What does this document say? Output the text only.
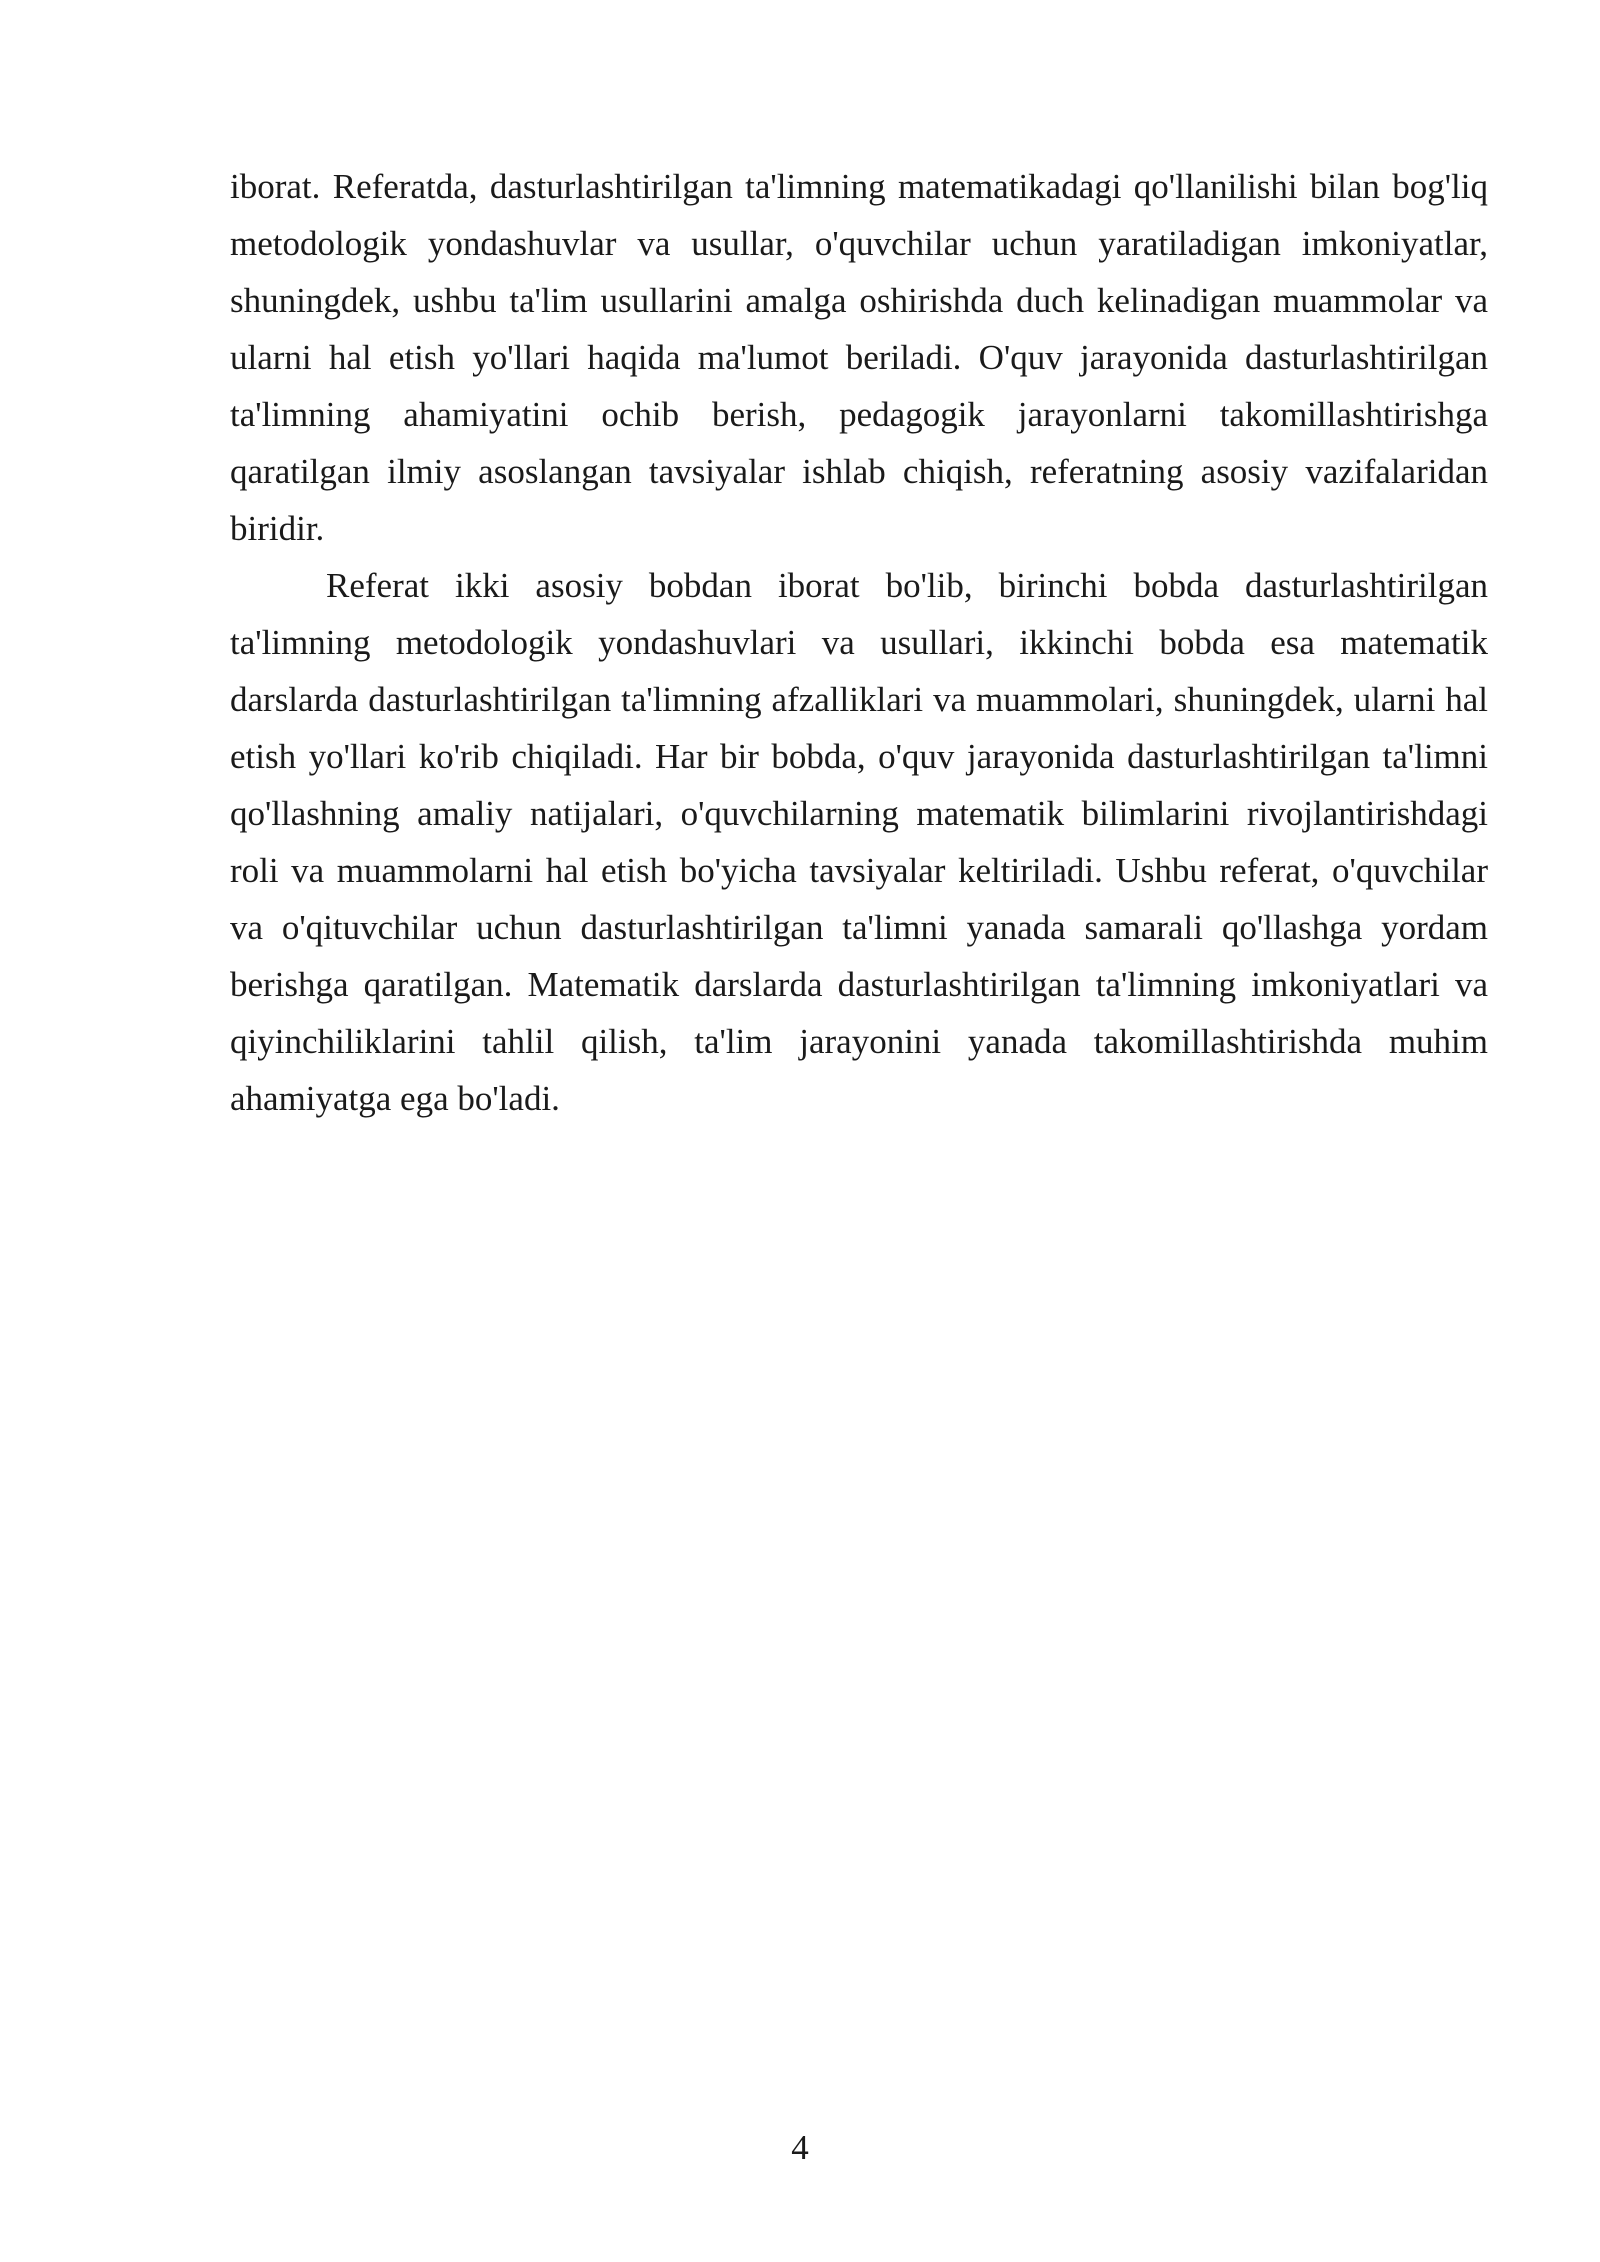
iborat. Referatda, dasturlashtirilgan ta'limning matematikadagi qo'llanilishi bilan bog'liq metodologik yondashuvlar va usullar, o'quvchilar uchun yaratiladigan imkoniyatlar, shuningdek, ushbu ta'lim usullarini amalga oshirishda duch kelinadigan muammolar va ularni hal etish yo'llari haqida ma'lumot beriladi. O'quv jarayonida dasturlashtirilgan ta'limning ahamiyatini ochib berish, pedagogik jarayonlarni takomillashtirishga qaratilgan ilmiy asoslangan tavsiyalar ishlab chiqish, referatning asosiy vazifalaridan biridir.

Referat ikki asosiy bobdan iborat bo'lib, birinchi bobda dasturlashtirilgan ta'limning metodologik yondashuvlari va usullari, ikkinchi bobda esa matematik darslarda dasturlashtirilgan ta'limning afzalliklari va muammolari, shuningdek, ularni hal etish yo'llari ko'rib chiqiladi. Har bir bobda, o'quv jarayonida dasturlashtirilgan ta'limni qo'llashning amaliy natijalari, o'quvchilarning matematik bilimlarini rivojlantirishdagi roli va muammolarni hal etish bo'yicha tavsiyalar keltiriladi. Ushbu referat, o'quvchilar va o'qituvchilar uchun dasturlashtirilgan ta'limni yanada samarali qo'llashga yordam berishga qaratilgan. Matematik darslarda dasturlashtirilgan ta'limning imkoniyatlari va qiyinchiliklarini tahlil qilish, ta'lim jarayonini yanada takomillashtirishda muhim ahamiyatga ega bo'ladi.

4
